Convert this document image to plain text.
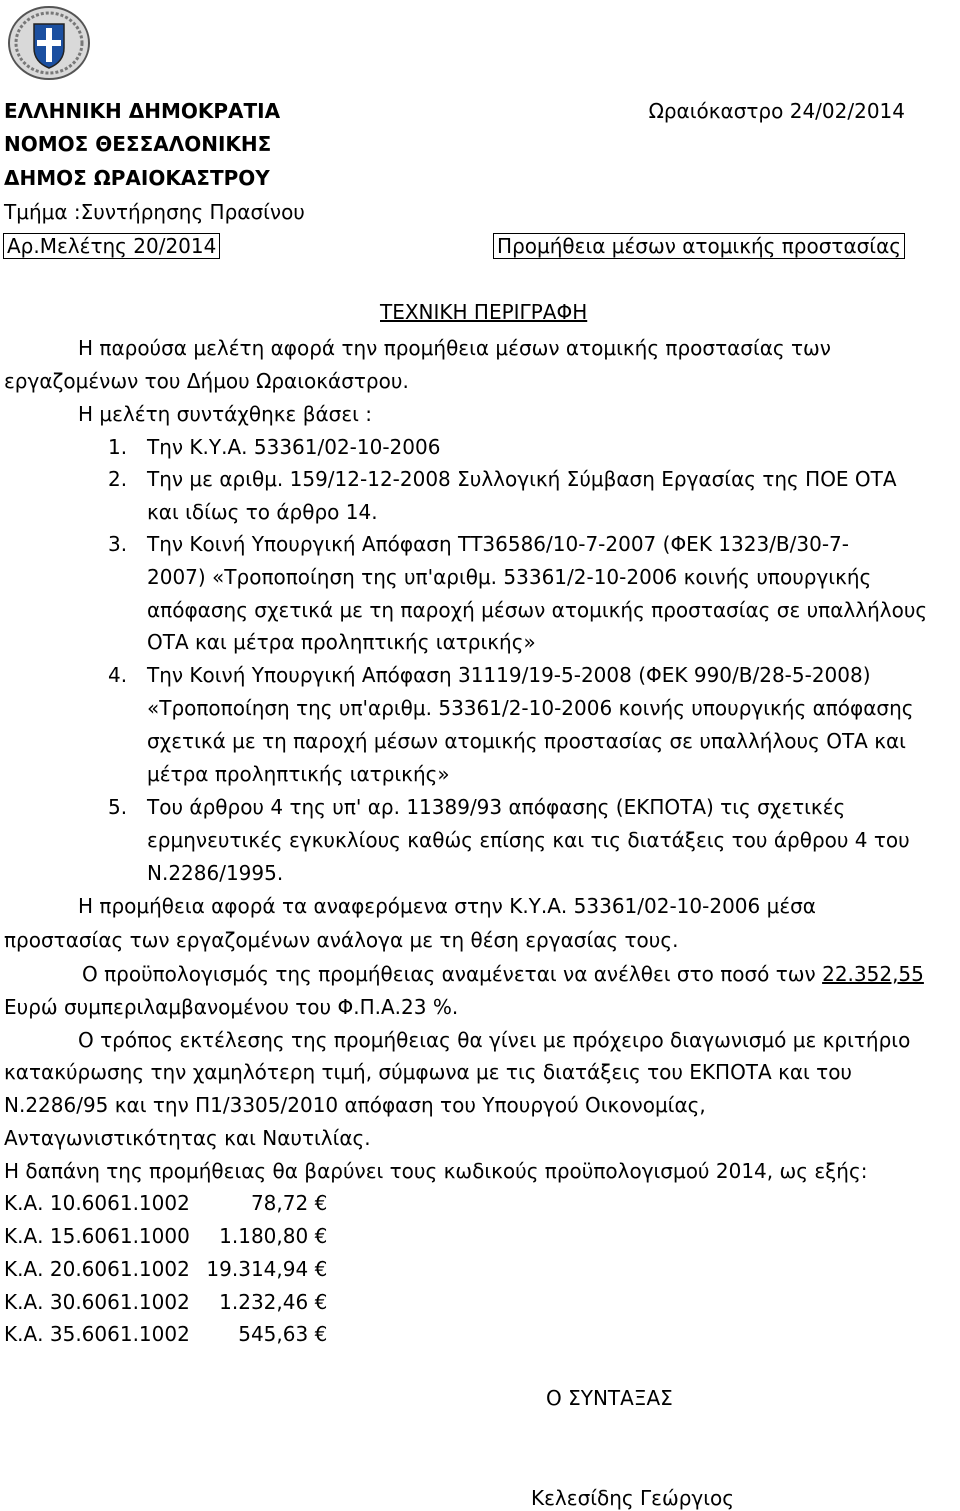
ΕΛΛΗΝΙΚΗ ΔΗΜΟΚΡΑΤΙΑ
ΝΟΜΟΣ ΘΕΣΣΑΛΟΝΙΚΗΣ
ΔΗΜΟΣ ΩΡΑΙΟΚΑΣΤΡΟΥ
Τμήμα :Συντήρησης Πρασίνου
Αρ.Μελέτης 20/2014
Ωραιόκαστρο 24/02/2014
Προμήθεια μέσων ατομικής προστασίας
ΤΕΧΝΙΚΗ ΠΕΡΙΓΡΑΦΗ
Η παρούσα μελέτη αφορά την προμήθεια μέσων ατομικής προστασίας των
εργαζομένων του Δήμου Ωραιοκάστρου.
Η μελέτη συντάχθηκε βάσει :
1. Την Κ.Υ.Α. 53361/02-10-2006
2. Την με αριθμ. 159/12-12-2008 Συλλογική Σύμβαση Εργασίας της ΠΟΕ ΟΤΑ
και ιδίως το άρθρο 14.
3. Την Κοινή Υπουργική Απόφαση ΤΤ36586/10-7-2007 (ΦΕΚ 1323/Β/30-7-
2007) «Τροποποίηση της υπ'αριθμ. 53361/2-10-2006 κοινής υπουργικής
απόφασης σχετικά με τη παροχή μέσων ατομικής προστασίας σε υπαλλήλους
ΟΤΑ και μέτρα προληπτικής ιατρικής»
4. Την Κοινή Υπουργική Απόφαση 31119/19-5-2008 (ΦΕΚ 990/Β/28-5-2008)
«Τροποποίηση της υπ'αριθμ. 53361/2-10-2006 κοινής υπουργικής απόφασης
σχετικά με τη παροχή μέσων ατομικής προστασίας σε υπαλλήλους ΟΤΑ και
μέτρα προληπτικής ιατρικής»
5. Του άρθρου 4 της υπ' αρ. 11389/93 απόφασης (ΕΚΠΟΤΑ) τις σχετικές
ερμηνευτικές εγκυκλίους καθώς επίσης και τις διατάξεις του άρθρου 4 του
Ν.2286/1995.
Η προμήθεια αφορά τα αναφερόμενα στην Κ.Υ.Α. 53361/02-10-2006 μέσα
προστασίας των εργαζομένων ανάλογα με τη θέση εργασίας τους.
Ο προϋπολογισμός της προμήθειας αναμένεται να ανέλθει στο ποσό των 22.352,55
Ευρώ συμπεριλαμβανομένου του Φ.Π.Α.23 %.
Ο τρόπος εκτέλεσης της προμήθειας θα γίνει με πρόχειρο διαγωνισμό με κριτήριο
κατακύρωσης την χαμηλότερη τιμή, σύμφωνα με τις διατάξεις του ΕΚΠΟΤΑ και του
Ν.2286/95 και την Π1/3305/2010 απόφαση του Υπουργού Οικονομίας,
Ανταγωνιστικότητας και Ναυτιλίας.
Η δαπάνη της προμήθειας θα βαρύνει τους κωδικούς προϋπολογισμού 2014, ως εξής:
Κ.Α. 10.6061.1002	78,72 €
Κ.Α. 15.6061.1000 1.180,80 €
Κ.Α. 20.6061.1002 19.314,94 €
Κ.Α. 30.6061.1002 1.232,46 €
Κ.Α. 35.6061.1002 545,63 €
Ο ΣΥΝΤΑΞΑΣ
Κελεσίδης Γεώργιος
